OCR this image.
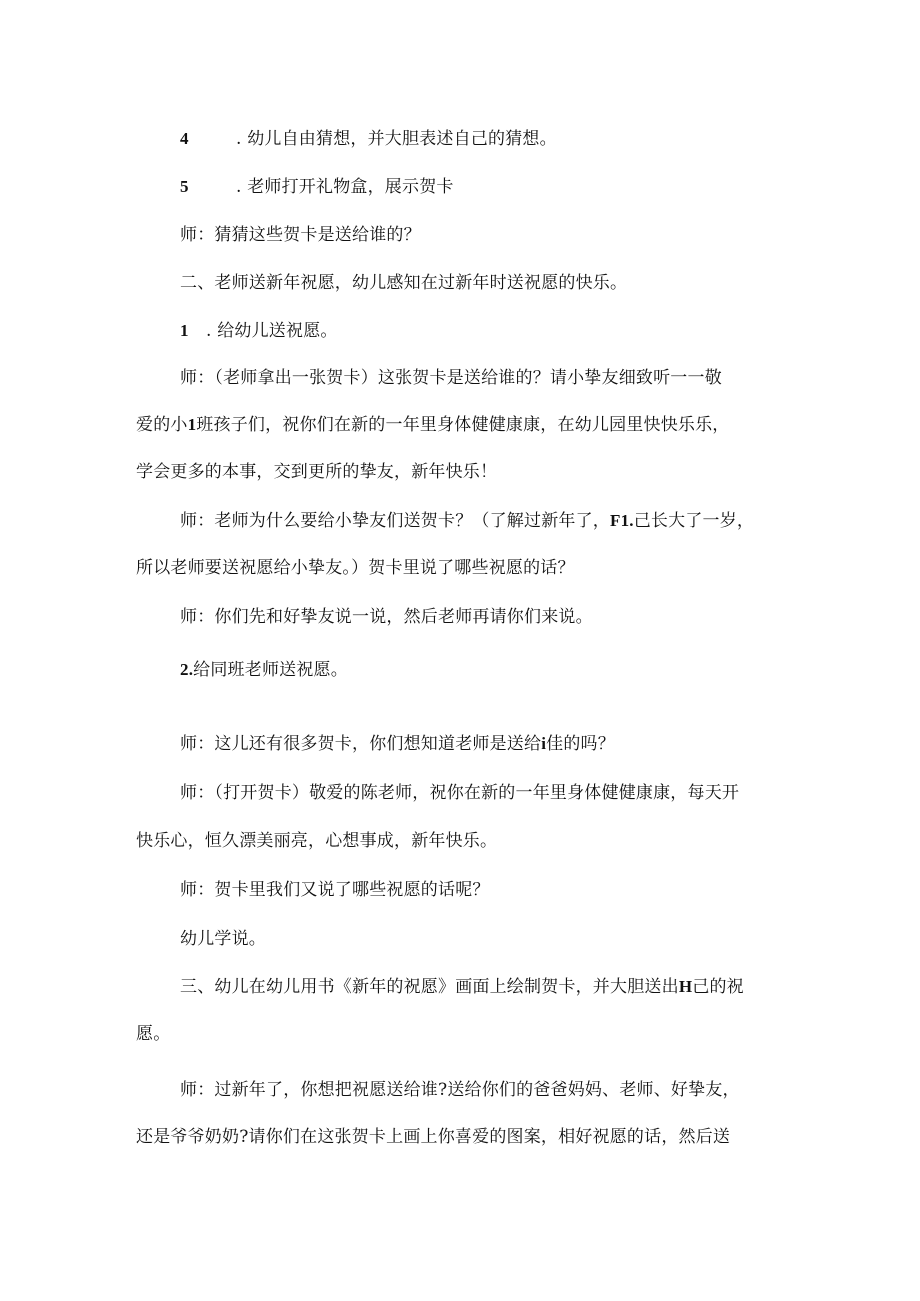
4	. 幼儿自由猜想，并大胆表述自己的猜想。
5	. 老师打开礼物盒，展示贺卡
师：猜猜这些贺卡是送给谁的？
二、老师送新年祝愿，幼儿感知在过新年时送祝愿的快乐。
1 . 给幼儿送祝愿。
师：（老师拿出一张贺卡）这张贺卡是送给谁的？请小挚友细致听一一敬
爱的小1班孩子们，祝你们在新的一年里身体健健康康，在幼儿园里快快乐乐，
学会更多的本事，交到更所的挚友，新年快乐！
师：老师为什么要给小挚友们送贺卡？（了解过新年了，F1.己长大了一岁，
所以老师要送祝愿给小挚友。）贺卡里说了哪些祝愿的话？
师：你们先和好挚友说一说，然后老师再请你们来说。
2.给同班老师送祝愿。
师：这儿还有很多贺卡，你们想知道老师是送给i佳的吗？
师：（打开贺卡）敬爱的陈老师，祝你在新的一年里身体健健康康，每天开
快乐心，恒久漂美丽亮，心想事成，新年快乐。
师：贺卡里我们又说了哪些祝愿的话呢？
幼儿学说。
三、幼儿在幼儿用书《新年的祝愿》画面上绘制贺卡，并大胆送出H己的祝
愿。
师：过新年了，你想把祝愿送给谁?送给你们的爸爸妈妈、老师、好挚友，
还是爷爷奶奶?请你们在这张贺卡上画上你喜爱的图案，相好祝愿的话，然后送
